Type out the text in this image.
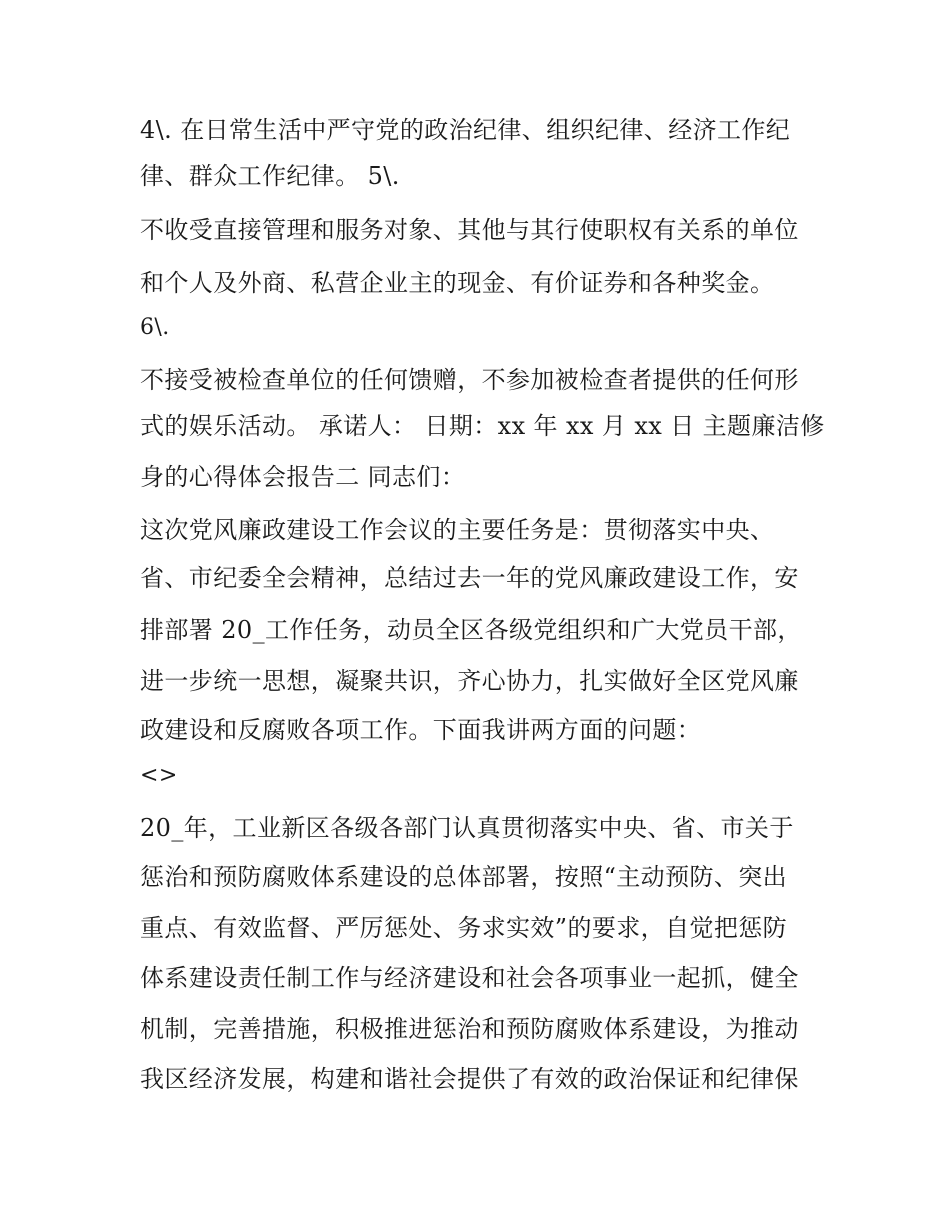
4\. 在日常生活中严守党的政治纪律、组织纪律、经济工作纪
律、群众工作纪律。 5\.
不收受直接管理和服务对象、其他与其行使职权有关系的单位
和个人及外商、私营企业主的现金、有价证券和各种奖金。
6\.
不接受被检查单位的任何馈赠，不参加被检查者提供的任何形
式的娱乐活动。 承诺人： 日期：xx 年 xx 月 xx 日 主题廉洁修
身的心得体会报告二 同志们：
这次党风廉政建设工作会议的主要任务是：贯彻落实中央、
省、市纪委全会精神，总结过去一年的党风廉政建设工作，安
排部署 20_工作任务，动员全区各级党组织和广大党员干部，
进一步统一思想，凝聚共识，齐心协力，扎实做好全区党风廉
政建设和反腐败各项工作。下面我讲两方面的问题：
<>
20_年，工业新区各级各部门认真贯彻落实中央、省、市关于
惩治和预防腐败体系建设的总体部署，按照“主动预防、突出
重点、有效监督、严厉惩处、务求实效”的要求，自觉把惩防
体系建设责任制工作与经济建设和社会各项事业一起抓，健全
机制，完善措施，积极推进惩治和预防腐败体系建设，为推动
我区经济发展，构建和谐社会提供了有效的政治保证和纪律保
